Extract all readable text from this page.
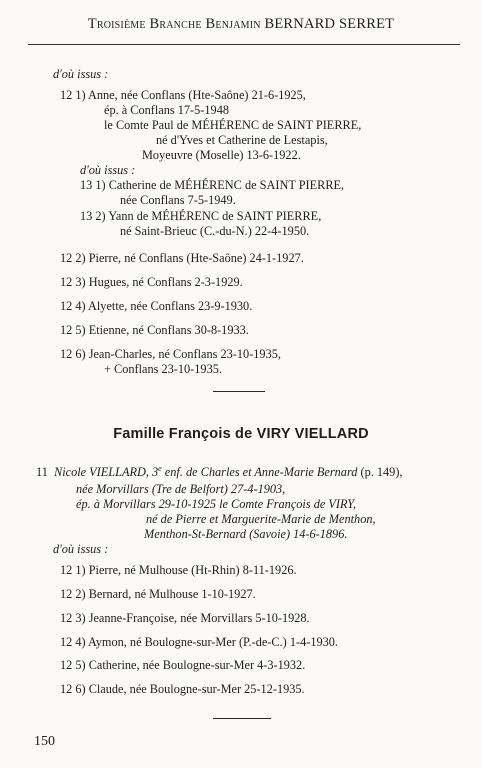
Troisième Branche Benjamin BERNARD SERRET
d'où issus :
12 1) Anne, née Conflans (Hte-Saône) 21-6-1925,
ép. à Conflans 17-5-1948
le Comte Paul de MÉHÉRENC de SAINT PIERRE,
né d'Yves et Catherine de Lestapis,
Moyeuvre (Moselle) 13-6-1922.
d'où issus :
13 1) Catherine de MÉHÉRENC de SAINT PIERRE,
née Conflans 7-5-1949.
13 2) Yann de MÉHÉRENC de SAINT PIERRE,
né Saint-Brieuc (C.-du-N.) 22-4-1950.
12 2) Pierre, né Conflans (Hte-Saône) 24-1-1927.
12 3) Hugues, né Conflans 2-3-1929.
12 4) Alyette, née Conflans 23-9-1930.
12 5) Etienne, né Conflans 30-8-1933.
12 6) Jean-Charles, né Conflans 23-10-1935,
+ Conflans 23-10-1935.
Famille François de VIRY VIELLARD
11 Nicole VIELLARD, 3e enf. de Charles et Anne-Marie Bernard (p. 149),
née Morvillars (Tre de Belfort) 27-4-1903,
ép. à Morvillars 29-10-1925 le Comte François de VIRY,
né de Pierre et Marguerite-Marie de Menthon,
Menthon-St-Bernard (Savoie) 14-6-1896.
d'où issus :
12 1) Pierre, né Mulhouse (Ht-Rhin) 8-11-1926.
12 2) Bernard, né Mulhouse 1-10-1927.
12 3) Jeanne-Françoise, née Morvillars 5-10-1928.
12 4) Aymon, né Boulogne-sur-Mer (P.-de-C.) 1-4-1930.
12 5) Catherine, née Boulogne-sur-Mer 4-3-1932.
12 6) Claude, née Boulogne-sur-Mer 25-12-1935.
150
